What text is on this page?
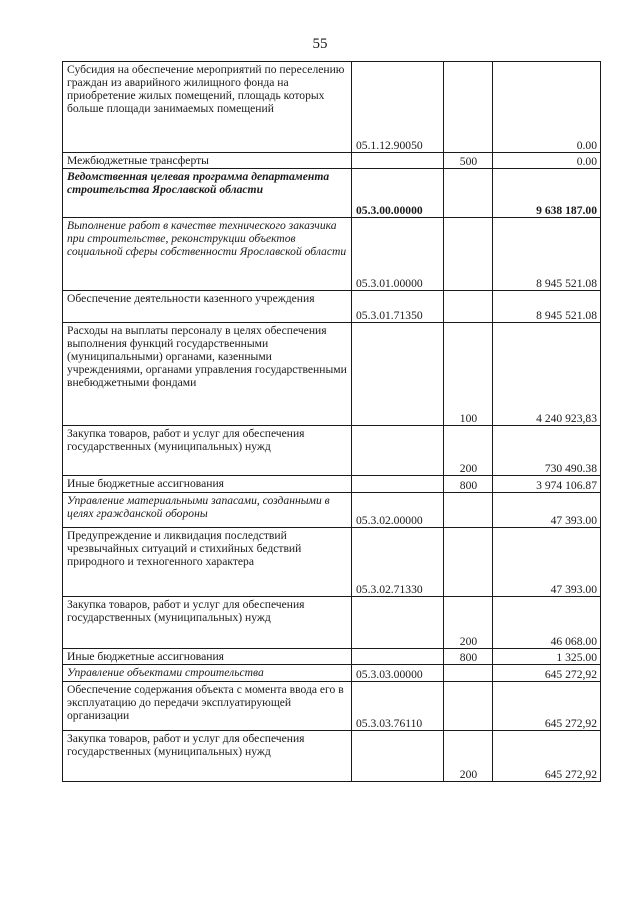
55
Субсидия на обеспечение мероприятий по переселению граждан из аварийного жилищного фонда на приобретение жилых помещений, площадь которых больше площади занимаемых помещений	05.1.12.90050		0.00
Межбюджетные трансферты		500	0.00
Ведомственная целевая программа департамента строительства Ярославской области	05.3.00.00000		9 638 187.00
Выполнение работ в качестве технического заказчика при строительстве, реконструкции объектов социальной сферы собственности Ярославской области	05.3.01.00000		8 945 521.08
Обеспечение деятельности казенного учреждения	05.3.01.71350		8 945 521.08
Расходы на выплаты персоналу в целях обеспечения выполнения функций государственными (муниципальными) органами, казенными учреждениями, органами управления государственными внебюджетными фондами		100	4 240 923,83
Закупка товаров, работ и услуг для обеспечения государственных (муниципальных) нужд		200	730 490.38
Иные бюджетные ассигнования		800	3 974 106.87
Управление материальными запасами, созданными в целях гражданской обороны	05.3.02.00000		47 393.00
Предупреждение и ликвидация последствий чрезвычайных ситуаций и стихийных бедствий природного и техногенного характера	05.3.02.71330		47 393.00
Закупка товаров, работ и услуг для обеспечения государственных (муниципальных) нужд		200	46 068.00
Иные бюджетные ассигнования		800	1 325.00
Управление объектами строительства	05.3.03.00000		645 272,92
Обеспечение содержания объекта с момента ввода его в эксплуатацию до передачи эксплуатирующей организации	05.3.03.76110		645 272,92
Закупка товаров, работ и услуг для обеспечения государственных (муниципальных) нужд		200	645 272,92
